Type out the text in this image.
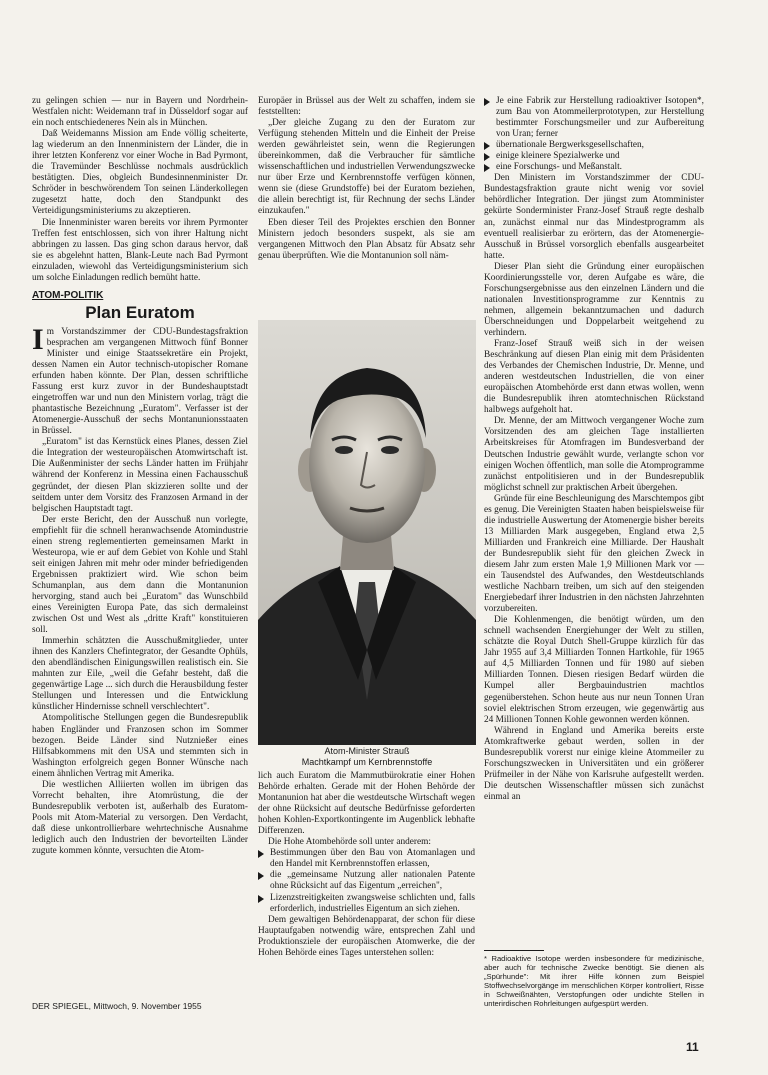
zu gelingen schien — nur in Bayern und Nordrhein-Westfalen nicht: Weidemann traf in Düsseldorf sogar auf ein noch entschiedeneres Nein als in München.

Daß Weidemanns Mission am Ende völlig scheiterte, lag wiederum an den Innenministern der Länder, die in ihrer letzten Konferenz vor einer Woche in Bad Pyrmont, die Travemünder Beschlüsse nochmals ausdrücklich bestätigten. Dies, obgleich Bundesinnenminister Dr. Schröder in beschwörendem Ton seinen Länderkollegen zugesetzt hatte, doch den Standpunkt des Verteidigungsministeriums zu akzeptieren.

Die Innenminister waren bereits vor ihrem Pyrmonter Treffen fest entschlossen, sich von ihrer Haltung nicht abbringen zu lassen. Das ging schon daraus hervor, daß sie es abgelehnt hatten, Blank-Leute nach Bad Pyrmont einzuladen, wiewohl das Verteidigungsministerium sich um solche Einladungen redlich bemüht hatte.

ATOM-POLITIK
Plan Euratom

Im Vorstandszimmer der CDU-Bundestagsfraktion besprachen am vergangenen Mittwoch fünf Bonner Minister und einige Staatssekretäre ein Projekt, dessen Namen ein Autor technisch-utopischer Romane erfunden haben könnte. Der Plan, dessen schriftliche Fassung erst kurz zuvor in der Bundeshauptstadt eingetroffen war und nun den Ministern vorlag, trägt die phantastische Bezeichnung „Euratom". Verfasser ist der Atomenergie-Ausschuß der sechs Montanunionsstaaten in Brüssel.

„Euratom" ist das Kernstück eines Planes, dessen Ziel die Integration der westeuropäischen Atomwirtschaft ist. Die Außenminister der sechs Länder hatten im Frühjahr während der Konferenz in Messina einen Fachausschuß gegründet, der diesen Plan skizzieren sollte und der seitdem unter dem Vorsitz des Franzosen Armand in der belgischen Hauptstadt tagt.

Der erste Bericht, den der Ausschuß nun vorlegte, empfiehlt für die schnell heranwachsende Atomindustrie einen streng reglementierten gemeinsamen Markt in Westeuropa, wie er auf dem Gebiet von Kohle und Stahl seit einigen Jahren mit mehr oder minder befriedigenden Ergebnissen praktiziert wird. Wie schon beim Schumanplan, aus dem dann die Montanunion hervorging, stand auch bei „Euratom" das Wunschbild eines Vereinigten Europa Pate, das sich dermaleinst zwischen Ost und West als „dritte Kraft" konstituieren soll.

Immerhin schätzten die Ausschußmitglieder, unter ihnen des Kanzlers Chefintegrator, der Gesandte Ophüls, den abendländischen Einigungswillen realistisch ein. Sie mahnten zur Eile, „weil die Gefahr besteht, daß die gegenwärtige Lage ... sich durch die Herausbildung fester Stellungen und Interessen und die Entwicklung künstlicher Hindernisse schnell verschlechtert".

Atompolitische Stellungen gegen die Bundesrepublik haben Engländer und Franzosen schon im Sommer bezogen. Beide Länder sind Nutznießer eines Hilfsabkommens mit den USA und stemmten sich in Washington erfolgreich gegen Bonner Wünsche nach einem ähnlichen Vertrag mit Amerika.

Die westlichen Alliierten wollen im übrigen das Vorrecht behalten, ihre Atomrüstung, die der Bundesrepublik verboten ist, außerhalb des Euratom-Pools mit Atom-Material zu versorgen. Den Verdacht, daß diese unkontrollierbare wehrtechnische Ausnahme lediglich auch den Industrien der bevorteilten Länder zugute kommen könnte, versuchten die Atom-

Europäer in Brüssel aus der Welt zu schaffen, indem sie feststellten:

„Der gleiche Zugang zu den der Euratom zur Verfügung stehenden Mitteln und die Einheit der Preise werden gewährleistet sein, wenn die Regierungen übereinkommen, daß die Verbraucher für sämtliche wissenschaftlichen und industriellen Verwendungszwecke nur über Erze und Kernbrennstoffe verfügen können, wenn sie (diese Grundstoffe) bei der Euratom beziehen, die allein berechtigt ist, für Rechnung der sechs Länder einzukaufen."

Eben dieser Teil des Projektes erschien den Bonner Ministern jedoch besonders suspekt, als sie am vergangenen Mittwoch den Plan Absatz für Absatz sehr genau überprüften. Wie die Montanunion soll näm-

Atom-Minister Strauß
Machtkampf um Kernbrennstoffe

lich auch Euratom die Mammutbürokratie einer Hohen Behörde erhalten. Gerade mit der Hohen Behörde der Montanunion hat aber die westdeutsche Wirtschaft wegen der ohne Rücksicht auf deutsche Bedürfnisse geforderten hohen Kohlen-Exportkontingente im Augenblick lebhafte Differenzen.

Die Hohe Atombehörde soll unter anderem:

Bestimmungen über den Bau von Atomanlagen und den Handel mit Kernbrennstoffen erlassen,
die „gemeinsame Nutzung aller nationalen Patente ohne Rücksicht auf das Eigentum „erreichen",
Lizenzstreitigkeiten zwangsweise schlichten und, falls erforderlich, industrielles Eigentum an sich ziehen.

Dem gewaltigen Behördenapparat, der schon für diese Hauptaufgaben notwendig wäre, entsprechen Zahl und Produktionsziele der europäischen Atomwerke, die der Hohen Behörde eines Tages unterstehen sollen:

Je eine Fabrik zur Herstellung radioaktiver Isotopen*, zum Bau von Atommeilerprototypen, zur Herstellung bestimmter Forschungsmeiler und zur Aufbereitung von Uran; ferner
übernationale Bergwerksgesellschaften,
einige kleinere Spezialwerke und
eine Forschungs- und Meßanstalt.

Den Ministern im Vorstandszimmer der CDU-Bundestagsfraktion graute nicht wenig vor soviel behördlicher Integration. Der jüngst zum Atomminister gekürte Sonderminister Franz-Josef Strauß regte deshalb an, zunächst einmal nur das Mindestprogramm als eventuell realisierbar zu erörtern, das der Atomenergie-Ausschuß in Brüssel vorsorglich ebenfalls ausgearbeitet hatte.

Dieser Plan sieht die Gründung einer europäischen Koordinierungsstelle vor, deren Aufgabe es wäre, die Forschungsergebnisse aus den einzelnen Ländern und die nationalen Investitionsprogramme zur Kenntnis zu nehmen, allgemein bekanntzumachen und dadurch Überschneidungen und Doppelarbeit weitgehend zu verhindern.

Franz-Josef Strauß weiß sich in der weisen Beschränkung auf diesen Plan einig mit dem Präsidenten des Verbandes der Chemischen Industrie, Dr. Menne, und anderen westdeutschen Industriellen, die von einer europäischen Atombehörde erst dann etwas wollen, wenn die Bundesrepublik ihren atomtechnischen Rückstand halbwegs aufgeholt hat.

Dr. Menne, der am Mittwoch vergangener Woche zum Vorsitzenden des am gleichen Tage installierten Arbeitskreises für Atomfragen im Bundesverband der Deutschen Industrie gewählt wurde, verlangte schon vor einigen Wochen öffentlich, man solle die Atomprogramme zunächst entpolitisieren und in der Bundesrepublik möglichst schnell zur praktischen Arbeit übergehen.

Gründe für eine Beschleunigung des Marschtempos gibt es genug. Die Vereinigten Staaten haben beispielsweise für die industrielle Auswertung der Atomenergie bisher bereits 13 Milliarden Mark ausgegeben, England etwa 2,5 Milliarden und Frankreich eine Milliarde. Der Haushalt der Bundesrepublik sieht für den gleichen Zweck in diesem Jahr zum ersten Male 1,9 Millionen Mark vor — ein Tausendstel des Aufwandes, den Westdeutschlands westliche Nachbarn treiben, um sich auf den steigenden Energiebedarf ihrer Industrien in den nächsten Jahrzehnten vorzubereiten.

Die Kohlenmengen, die benötigt würden, um den schnell wachsenden Energiehunger der Welt zu stillen, schätzte die Royal Dutch Shell-Gruppe kürzlich für das Jahr 1955 auf 3,4 Milliarden Tonnen Hartkohle, für 1965 auf 4,5 Milliarden Tonnen und für 1980 auf sieben Milliarden Tonnen. Diesen riesigen Bedarf würden die Kumpel aller Bergbauindustrien machtlos gegenüberstehen. Schon heute aus nur neun Tonnen Uran soviel elektrischen Strom erzeugen, wie gegenwärtig aus 24 Millionen Tonnen Kohle gewonnen werden können.

Während in England und Amerika bereits erste Atomkraftwerke gebaut werden, sollen in der Bundesrepublik vorerst nur einige kleine Atommeiler zu Forschungszwecken in Universitäten und ein größerer Prüfmeiler in der Nähe von Karlsruhe aufgestellt werden. Die deutschen Wissenschaftler müssen sich zunächst einmal an

* Radioaktive Isotope werden insbesondere für medizinische, aber auch für technische Zwecke benötigt. Sie dienen als „Spürhunde": Mit ihrer Hilfe können zum Beispiel Stoffwechselvorgänge im menschlichen Körper kontrolliert, Risse in Schweißnähten, Verstopfungen oder undichte Stellen in unterirdischen Rohrleitungen aufgespürt werden.
DER SPIEGEL, Mittwoch, 9. November 1955
11
